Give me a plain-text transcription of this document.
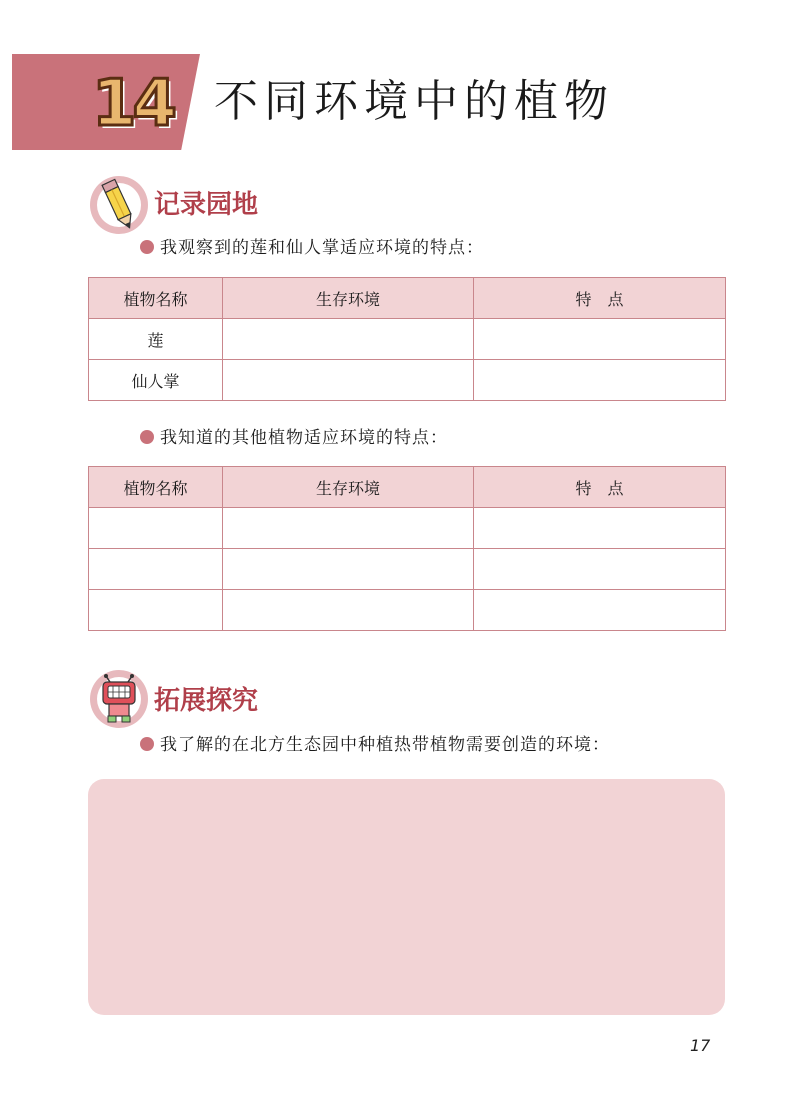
14 不同环境中的植物
记录园地
我观察到的莲和仙人掌适应环境的特点：
植物名称	生存环境	特　点
莲		
仙人掌		
我知道的其他植物适应环境的特点：
植物名称	生存环境	特　点

拓展探究
我了解的在北方生态园中种植热带植物需要创造的环境：
17
